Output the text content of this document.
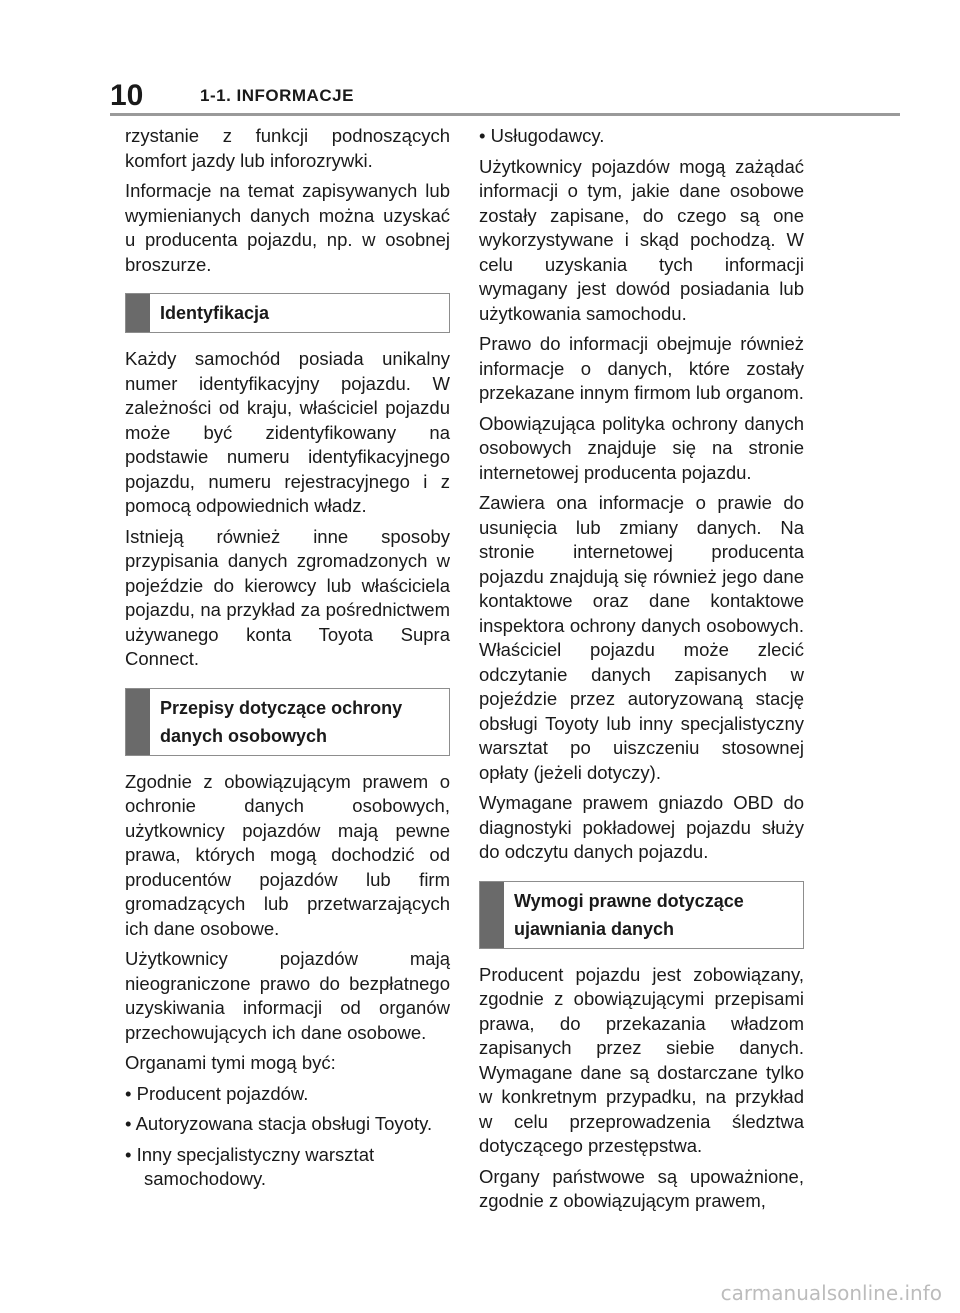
10	1-1. INFORMACJE

rzystanie z funkcji podnoszących komfort jazdy lub inforozrywki.

Informacje na temat zapisywanych lub wymienianych danych można uzyskać u producenta pojazdu, np. w osobnej broszurze.

Identyfikacja

Każdy samochód posiada unikalny numer identyfikacyjny pojazdu. W zależności od kraju, właściciel pojazdu może być zidentyfikowany na podstawie numeru identyfikacyjnego pojazdu, numeru rejestracyjnego i z pomocą odpowiednich władz.

Istnieją również inne sposoby przypisania danych zgromadzonych w pojeździe do kierowcy lub właściciela pojazdu, na przykład za pośrednictwem używanego konta Toyota Supra Connect.

Przepisy dotyczące ochrony danych osobowych

Zgodnie z obowiązującym prawem o ochronie danych osobowych, użytkownicy pojazdów mają pewne prawa, których mogą dochodzić od producentów pojazdów lub firm gromadzących lub przetwarzających ich dane osobowe.

Użytkownicy pojazdów mają nieograniczone prawo do bezpłatnego uzyskiwania informacji od organów przechowujących ich dane osobowe.

Organami tymi mogą być:

• Producent pojazdów.

• Autoryzowana stacja obsługi Toyoty.

• Inny specjalistyczny warsztat samochodowy.

• Usługodawcy.

Użytkownicy pojazdów mogą zażądać informacji o tym, jakie dane osobowe zostały zapisane, do czego są one wykorzystywane i skąd pochodzą. W celu uzyskania tych informacji wymagany jest dowód posiadania lub użytkowania samochodu.

Prawo do informacji obejmuje również informacje o danych, które zostały przekazane innym firmom lub organom.

Obowiązująca polityka ochrony danych osobowych znajduje się na stronie internetowej producenta pojazdu.

Zawiera ona informacje o prawie do usunięcia lub zmiany danych. Na stronie internetowej producenta pojazdu znajdują się również jego dane kontaktowe oraz dane kontaktowe inspektora ochrony danych osobowych. Właściciel pojazdu może zlecić odczytanie danych zapisanych w pojeździe przez autoryzowaną stację obsługi Toyoty lub inny specjalistyczny warsztat po uiszczeniu stosownej opłaty (jeżeli dotyczy).

Wymagane prawem gniazdo OBD do diagnostyki pokładowej pojazdu służy do odczytu danych pojazdu.

Wymogi prawne dotyczące ujawniania danych

Producent pojazdu jest zobowiązany, zgodnie z obowiązującymi przepisami prawa, do przekazania władzom zapisanych przez siebie danych. Wymagane dane są dostarczane tylko w konkretnym przypadku, na przykład w celu przeprowadzenia śledztwa dotyczącego przestępstwa.

Organy państwowe są upoważnione, zgodnie z obowiązującym prawem,

carmanualsonline.info
